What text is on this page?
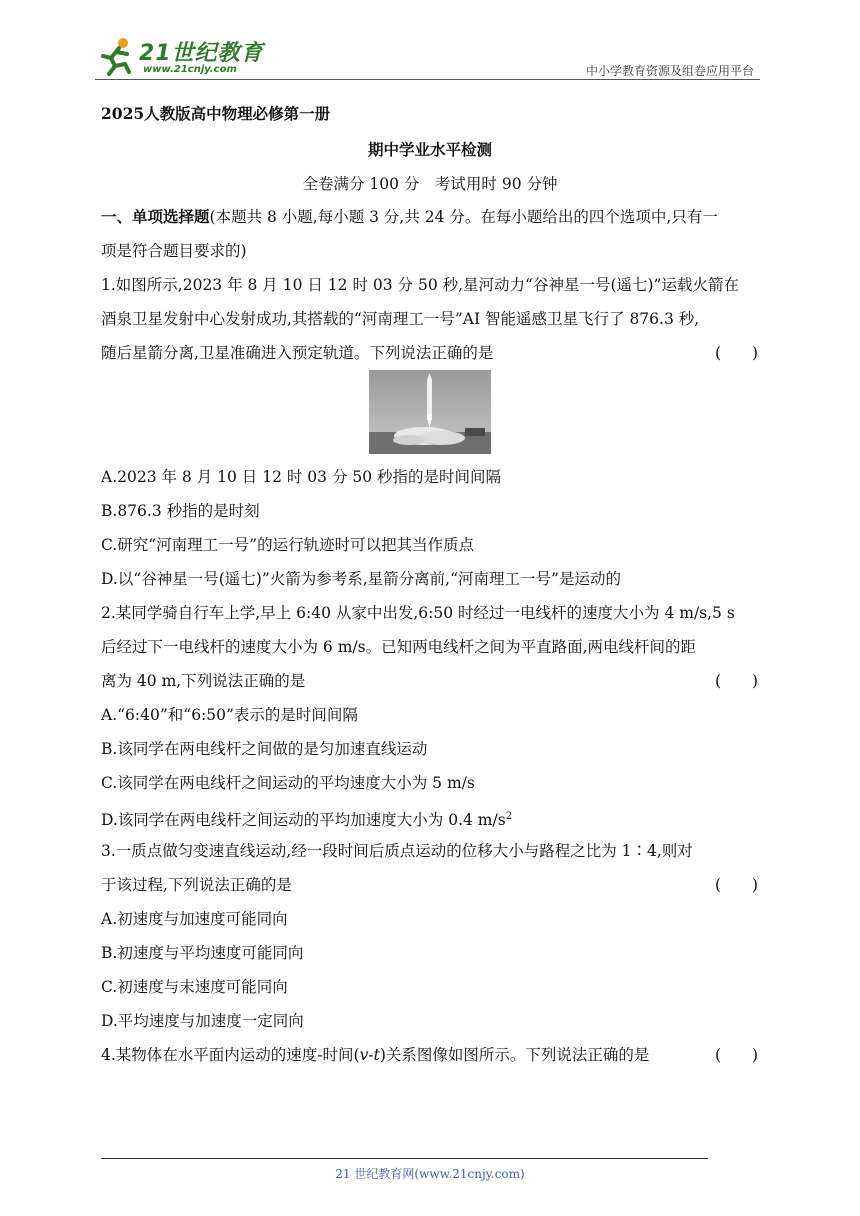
21世纪教育
www.21cnjy.com	中小学教育资源及组卷应用平台
2025人教版高中物理必修第一册
期中学业水平检测
全卷满分 100 分　考试用时 90 分钟
一、单项选择题(本题共 8 小题,每小题 3 分,共 24 分。在每小题给出的四个选项中,只有一
项是符合题目要求的)
1.如图所示,2023 年 8 月 10 日 12 时 03 分 50 秒,星河动力“谷神星一号(遥七)”运载火箭在
酒泉卫星发射中心发射成功,其搭载的“河南理工一号”AI 智能遥感卫星飞行了 876.3 秒,
随后星箭分离,卫星准确进入预定轨道。下列说法正确的是	(　　)
A.2023 年 8 月 10 日 12 时 03 分 50 秒指的是时间间隔
B.876.3 秒指的是时刻
C.研究“河南理工一号”的运行轨迹时可以把其当作质点
D.以“谷神星一号(遥七)”火箭为参考系,星箭分离前,“河南理工一号”是运动的
2.某同学骑自行车上学,早上 6:40 从家中出发,6:50 时经过一电线杆的速度大小为 4 m/s,5 s
后经过下一电线杆的速度大小为 6 m/s。已知两电线杆之间为平直路面,两电线杆间的距
离为 40 m,下列说法正确的是	(　　)
A.“6:40”和“6:50”表示的是时间间隔
B.该同学在两电线杆之间做的是匀加速直线运动
C.该同学在两电线杆之间运动的平均速度大小为 5 m/s
D.该同学在两电线杆之间运动的平均加速度大小为 0.4 $m/s^2$
3.一质点做匀变速直线运动,经一段时间后质点运动的位移大小与路程之比为 1∶4,则对
于该过程,下列说法正确的是	(　　)
A.初速度与加速度可能同向
B.初速度与平均速度可能同向
C.初速度与末速度可能同向
D.平均速度与加速度一定同向
4.某物体在水平面内运动的速度-时间(v-t)关系图像如图所示。下列说法正确的是	(　　)
21 世纪教育网(www.21cnjy.com)
